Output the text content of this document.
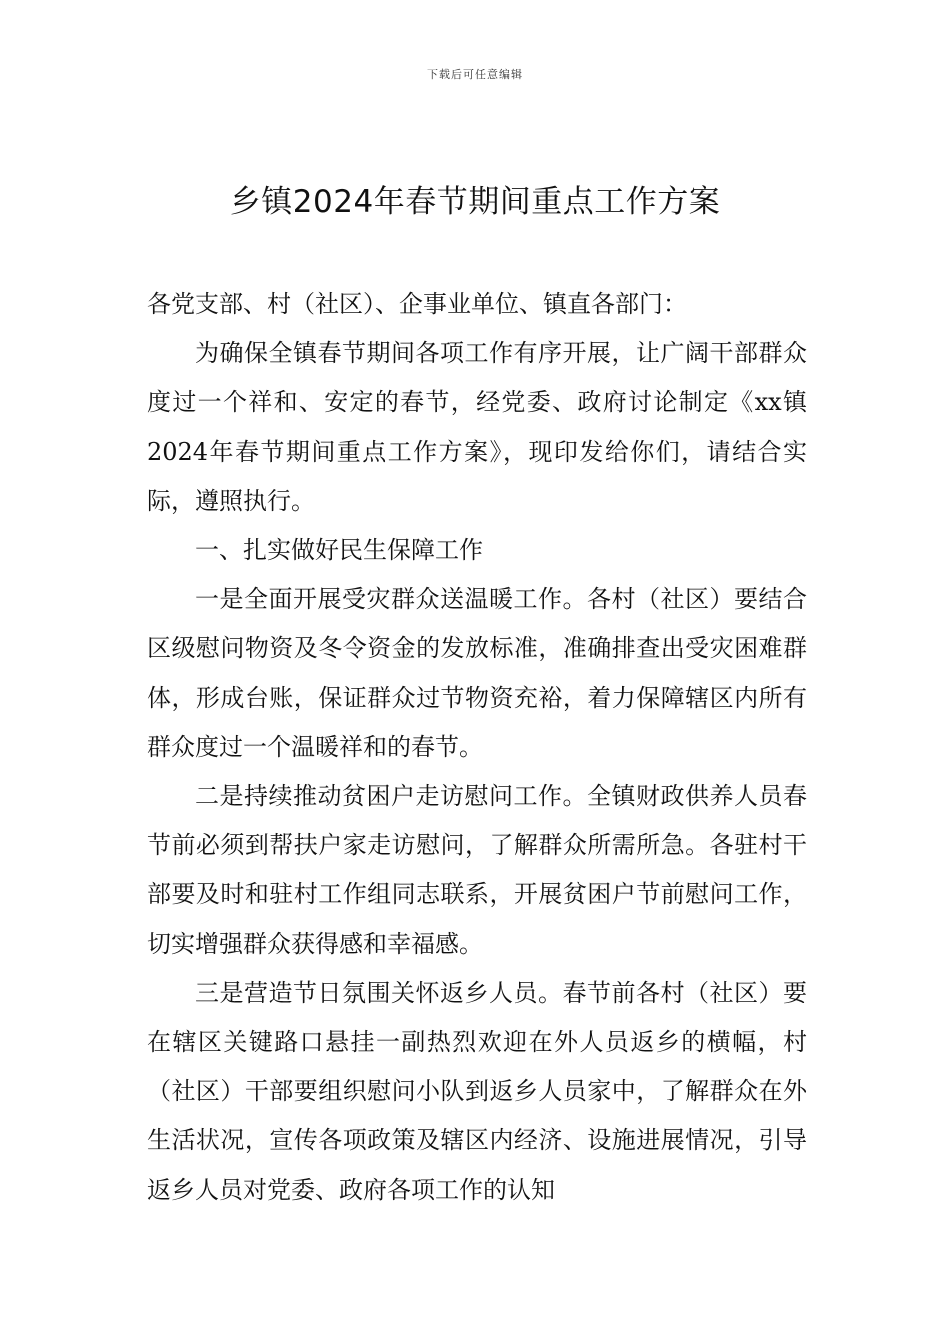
下载后可任意编辑
乡镇2024年春节期间重点工作方案

各党支部、村（社区）、企事业单位、镇直各部门：

为确保全镇春节期间各项工作有序开展，让广阔干部群众度过一个祥和、安定的春节，经党委、政府讨论制定《xx镇2024年春节期间重点工作方案》，现印发给你们，请结合实际，遵照执行。

一、扎实做好民生保障工作

一是全面开展受灾群众送温暖工作。各村（社区）要结合区级慰问物资及冬令资金的发放标准，准确排查出受灾困难群体，形成台账，保证群众过节物资充裕，着力保障辖区内所有群众度过一个温暖祥和的春节。

二是持续推动贫困户走访慰问工作。全镇财政供养人员春节前必须到帮扶户家走访慰问，了解群众所需所急。各驻村干部要及时和驻村工作组同志联系，开展贫困户节前慰问工作，切实增强群众获得感和幸福感。

三是营造节日氛围关怀返乡人员。春节前各村（社区）要在辖区关键路口悬挂一副热烈欢迎在外人员返乡的横幅，村（社区）干部要组织慰问小队到返乡人员家中，了解群众在外生活状况，宣传各项政策及辖区内经济、设施进展情况，引导返乡人员对党委、政府各项工作的认知
